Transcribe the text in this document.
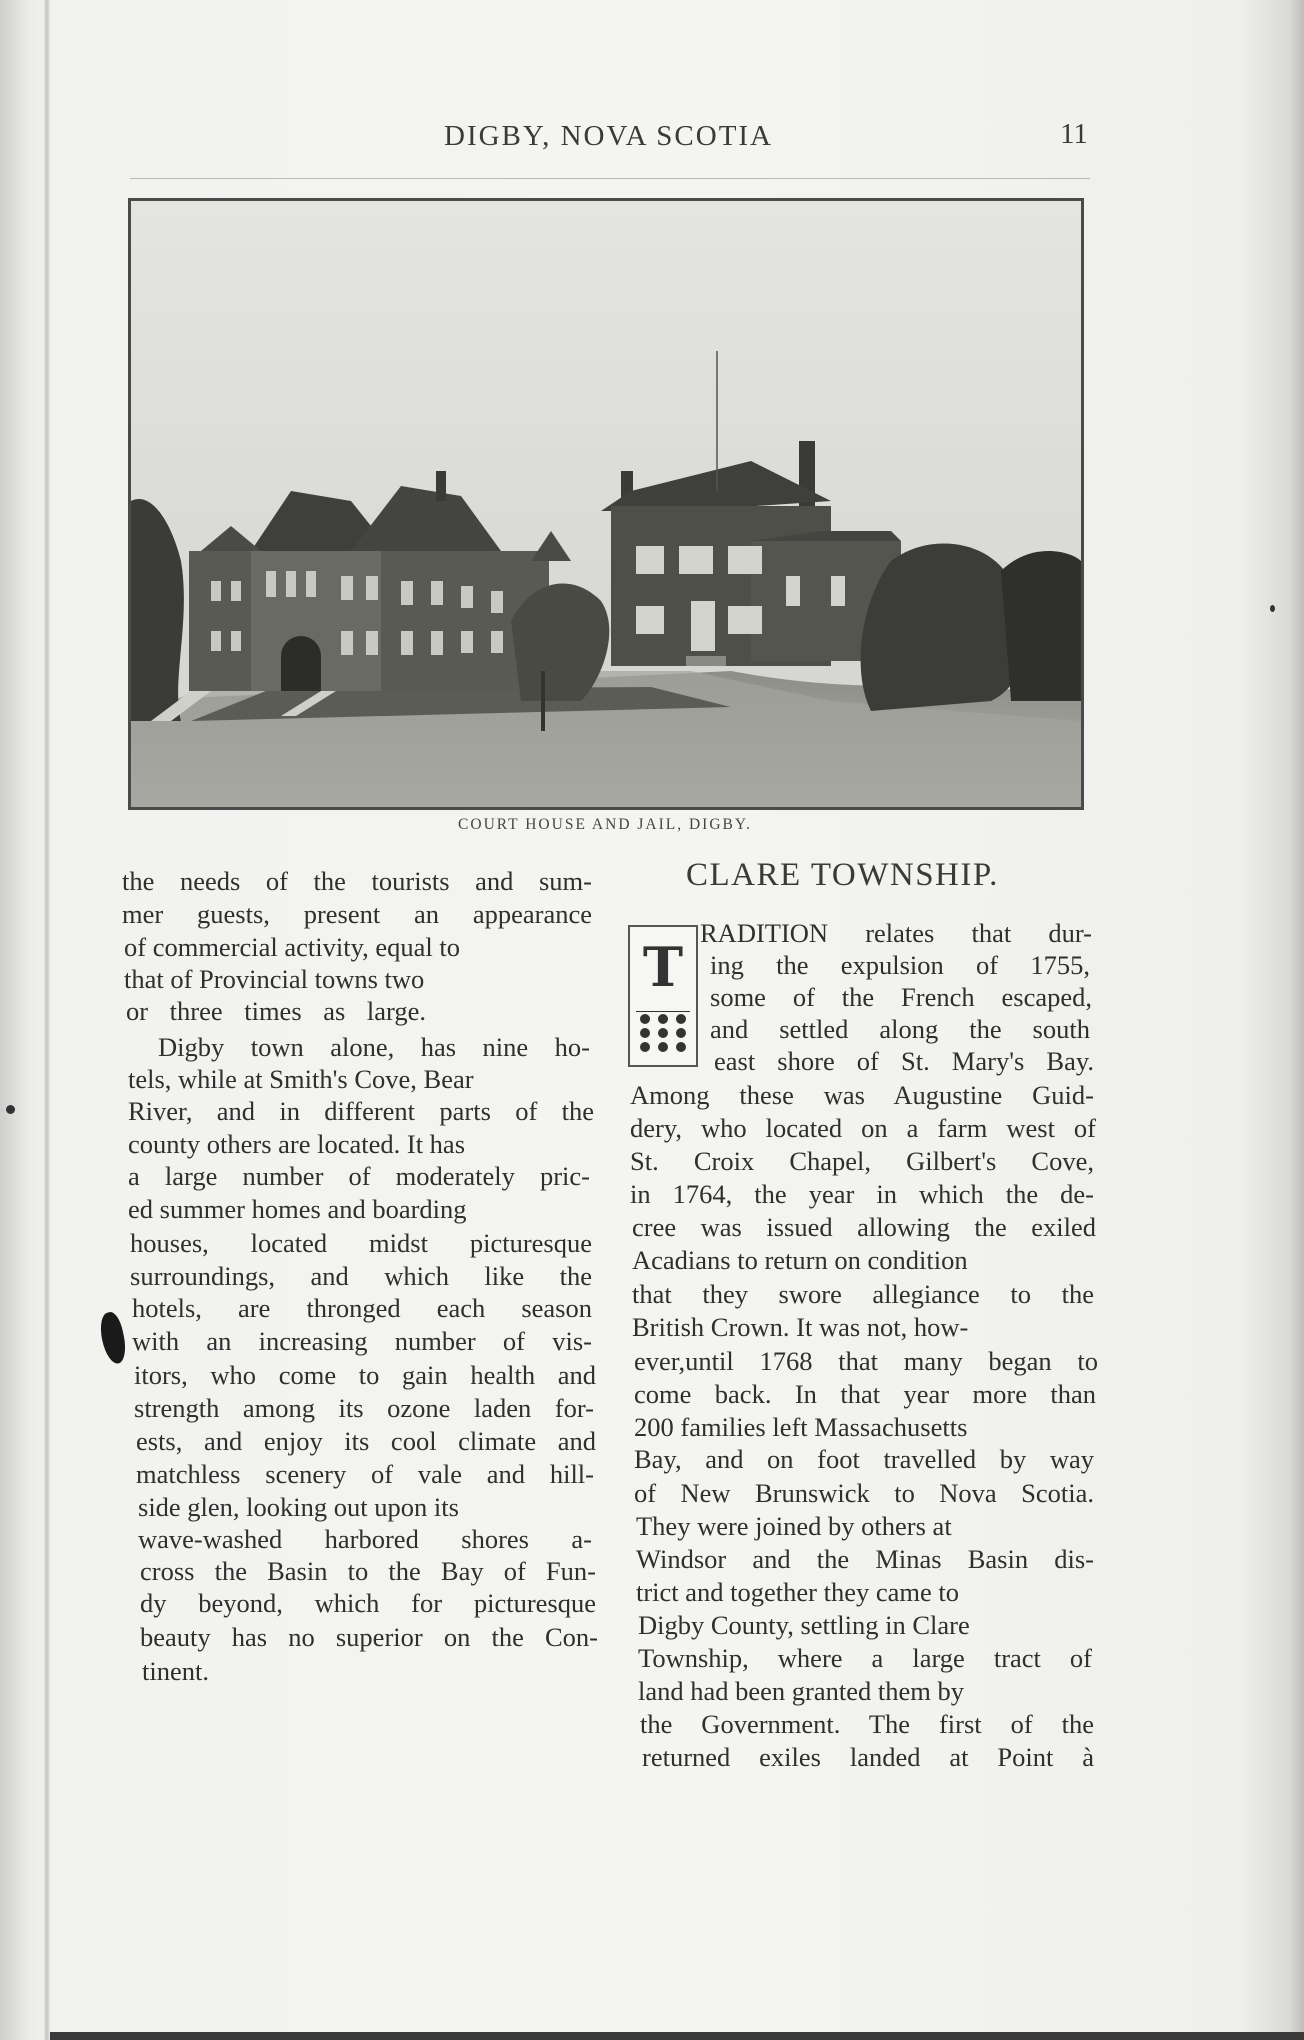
DIGBY, NOVA SCOTIA	11
COURT HOUSE AND JAIL, DIGBY.
the needs of the tourists and sum-
mer guests, present an appearance
of commercial activity, equal to
that of Provincial towns two
or three times as large.
Digby town alone, has nine ho-
tels, while at Smith's Cove, Bear
River, and in different parts of the
county others are located. It has
a large number of moderately pric-
ed summer homes and boarding
houses, located midst picturesque
surroundings, and which like the
hotels, are thronged each season
with an increasing number of vis-
itors, who come to gain health and
strength among its ozone laden for-
ests, and enjoy its cool climate and
matchless scenery of vale and hill-
side glen, looking out upon its
wave-washed harbored shores a-
cross the Basin to the Bay of Fun-
dy beyond, which for picturesque
beauty has no superior on the Con-
tinent.
CLARE TOWNSHIP.
T
RADITION relates that dur-
ing the expulsion of 1755,
some of the French escaped,
and settled along the south
east shore of St. Mary's Bay.
Among these was Augustine Guid-
dery, who located on a farm west of
St. Croix Chapel, Gilbert's Cove,
in 1764, the year in which the de-
cree was issued allowing the exiled
Acadians to return on condition
that they swore allegiance to the
British Crown. It was not, how-
ever,until 1768 that many began to
come back. In that year more than
200 families left Massachusetts
Bay, and on foot travelled by way
of New Brunswick to Nova Scotia.
They were joined by others at
Windsor and the Minas Basin dis-
trict and together they came to
Digby County, settling in Clare
Township, where a large tract of
land had been granted them by
the Government. The first of the
returned exiles landed at Point à
